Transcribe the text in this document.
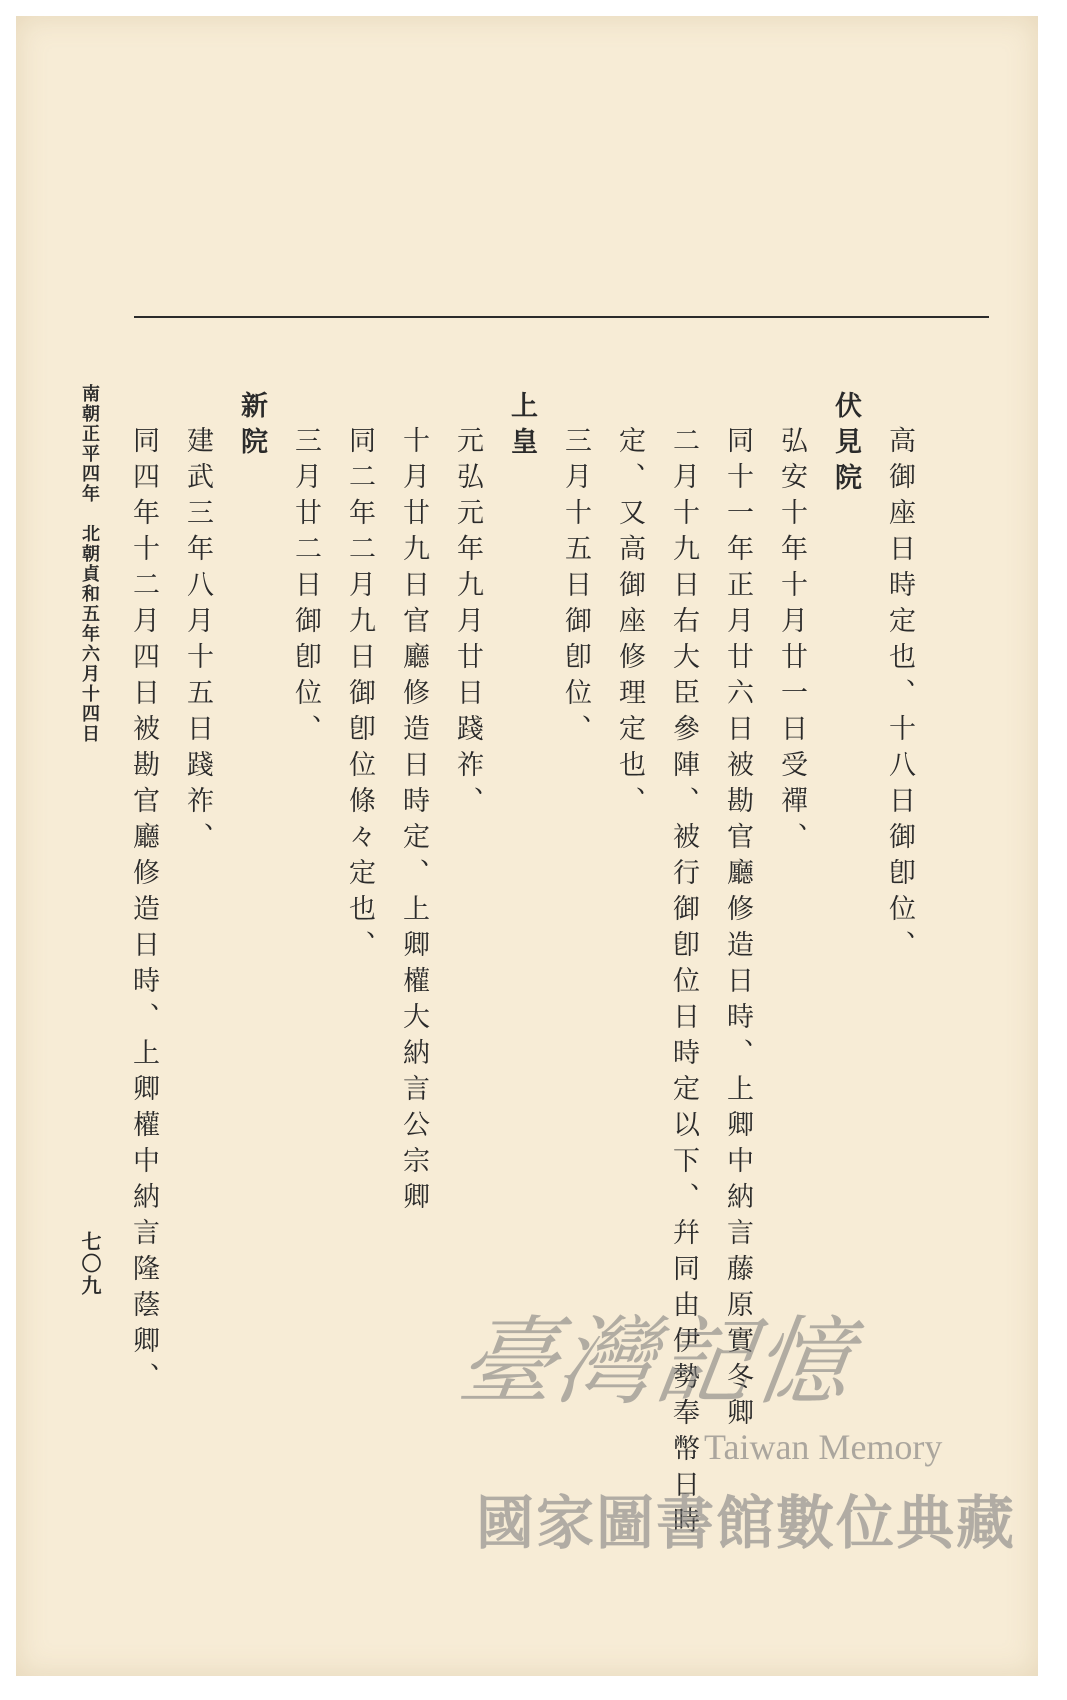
高御座日時定也、十八日御卽位、
伏見院
弘安十年十月廿一日受禪、
同十一年正月廿六日被勘官廳修造日時、上卿中納言藤原實冬卿
二月十九日右大臣參陣、被行御卽位日時定以下、幷同由伊勢奉幣日時
定、又高御座修理定也、
三月十五日御卽位、
上皇
元弘元年九月廿日踐祚、
十月廿九日官廳修造日時定、上卿權大納言公宗卿
同二年二月九日御卽位條々定也、
三月廿二日御卽位、
新院
建武三年八月十五日踐祚、
同四年十二月四日被勘官廳修造日時、上卿權中納言隆蔭卿、
南朝正平四年　北朝貞和五年六月十四日
七〇九
臺灣記憶
Taiwan Memory
國家圖書館數位典藏
